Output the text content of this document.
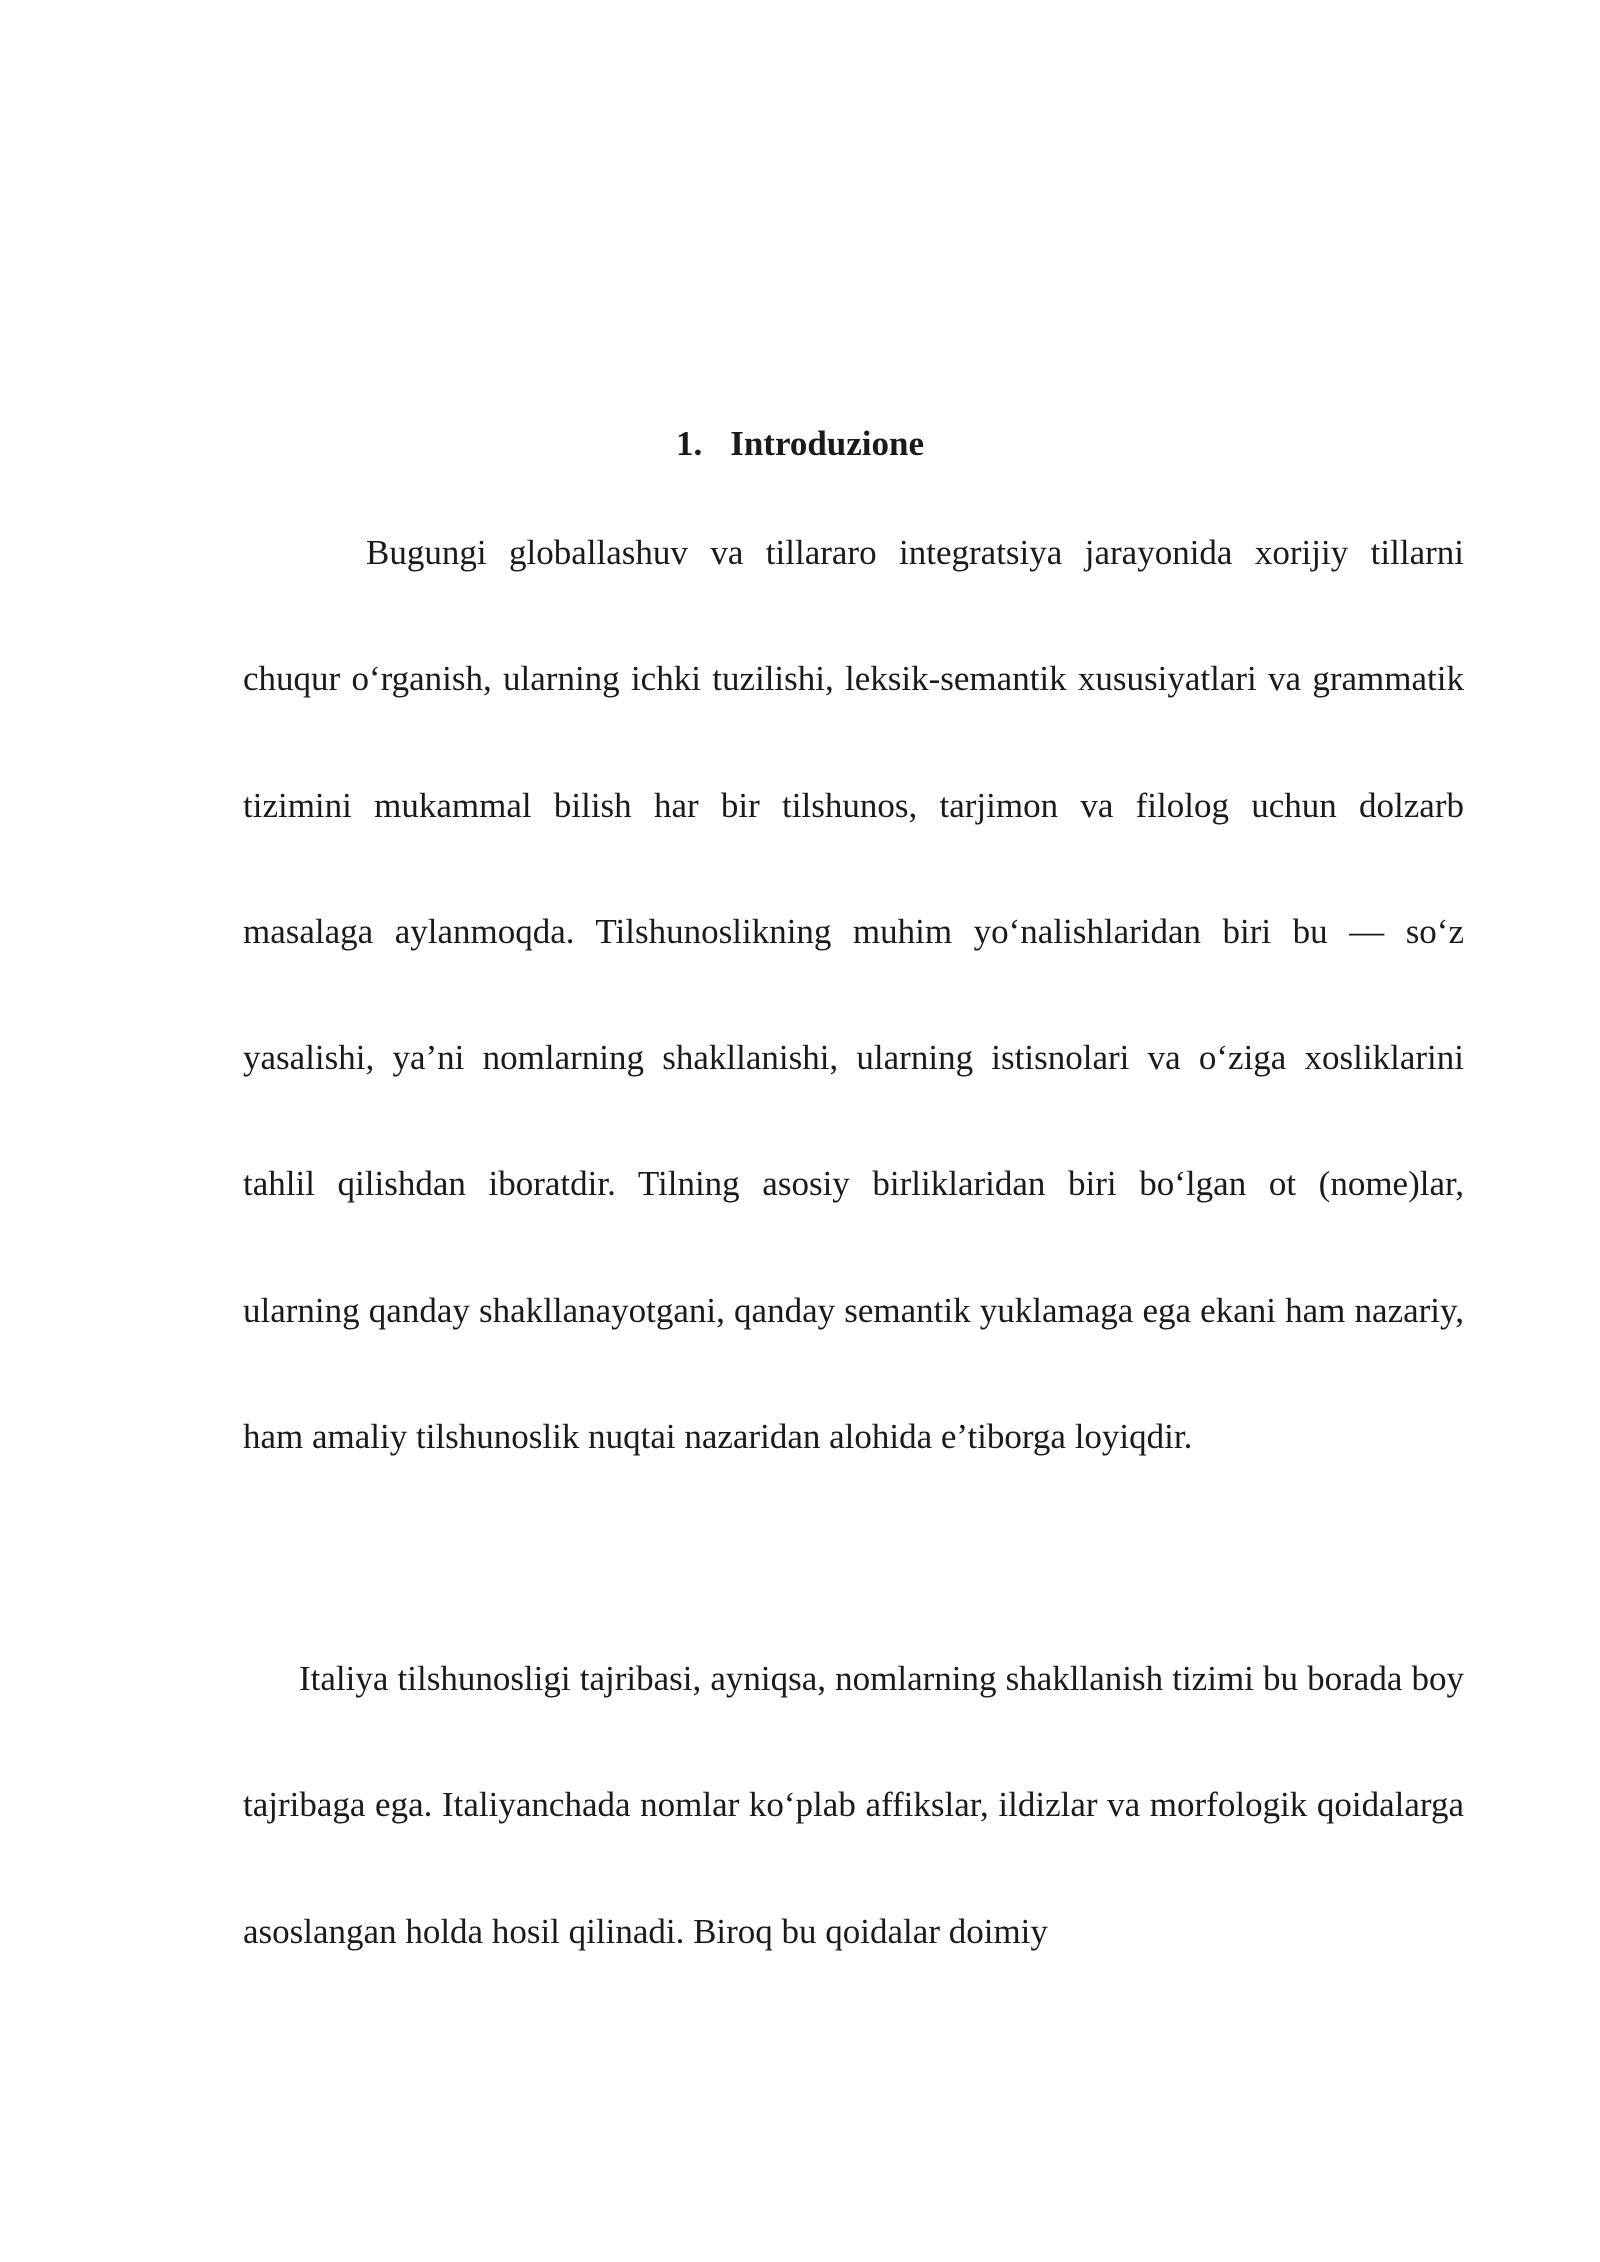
1. Introduzione

Bugungi globallashuv va tillararo integratsiya jarayonida xorijiy tillarni chuqur o‘rganish, ularning ichki tuzilishi, leksik-semantik xususiyatlari va grammatik tizimini mukammal bilish har bir tilshunos, tarjimon va filolog uchun dolzarb masalaga aylanmoqda. Tilshunoslikning muhim yo‘nalishlaridan biri bu — so‘z yasalishi, ya’ni nomlarning shakllanishi, ularning istisnolari va o‘ziga xosliklarini tahlil qilishdan iboratdir. Tilning asosiy birliklaridan biri bo‘lgan ot (nome)lar, ularning qanday shakllanayotgani, qanday semantik yuklamaga ega ekani ham nazariy, ham amaliy tilshunoslik nuqtai nazaridan alohida e’tiborga loyiqdir.

Italiya tilshunosligi tajribasi, ayniqsa, nomlarning shakllanish tizimi bu borada boy tajribaga ega. Italiyanchada nomlar ko‘plab affikslar, ildizlar va morfologik qoidalarga asoslangan holda hosil qilinadi. Biroq bu qoidalar doimiy
